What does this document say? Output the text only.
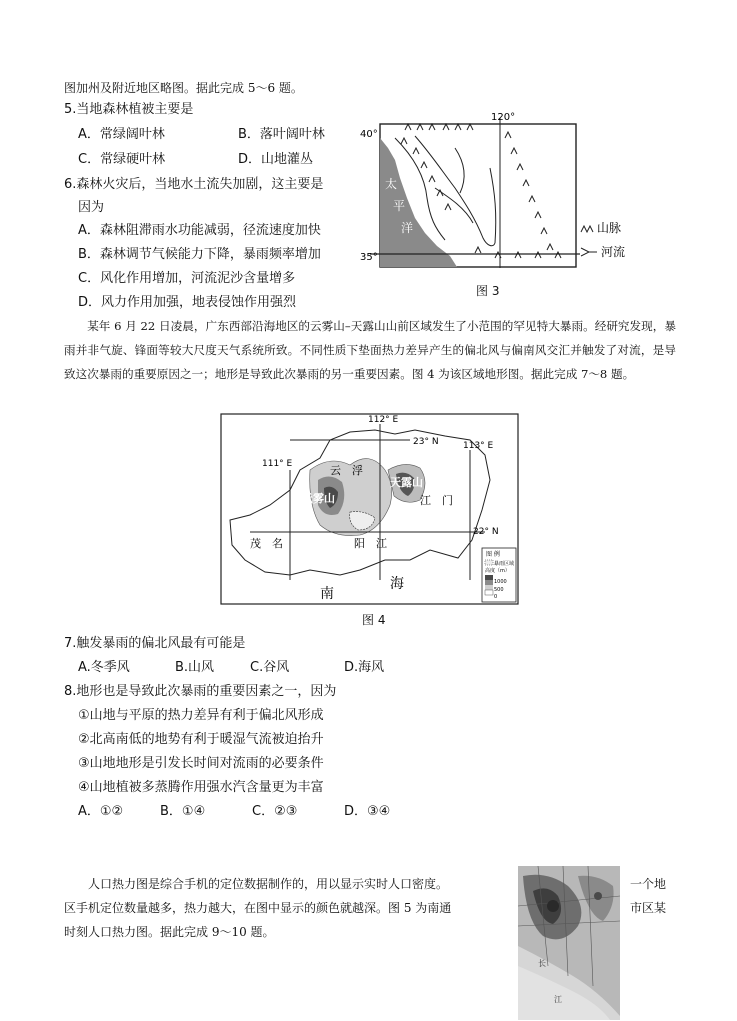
图加州及附近地区略图。据此完成 5～6 题。
5.当地森林植被主要是
A．常绿阔叶林	B．落叶阔叶林
C．常绿硬叶林	D．山地灌丛
6.森林火灾后，当地水土流失加剧，这主要是
因为
A．森林阻滞雨水功能减弱，径流速度加快
B．森林调节气候能力下降，暴雨频率增加
C．风化作用增加，河流泥沙含量增多
D．风力作用加强，地表侵蚀作用强烈
40°
35°
120°
太
平
洋	山脉
河流
图 3
某年 6 月 22 日凌晨，广东西部沿海地区的云雾山–天露山山前区域发生了小范围的罕见特大暴雨。经研究发现，暴雨并非气旋、锋面等较大尺度天气系统所致。不同性质下垫面热力差异产生的偏北风与偏南风交汇并触发了对流，是导致这次暴雨的重要原因之一；地形是导致此次暴雨的另一重要因素。图 4 为该区域地形图。据此完成 7～8 题。
112° E
111° E
113° E
23° N
22° N
云　浮
江　门
茂　名	阳　江
云雾山
天露山
海
南
图 例
暴雨区域
高度（m）
1000
500
0
图 4
7.触发暴雨的偏北风最有可能是
A.冬季风	B.山风	C.谷风	D.海风
8.地形也是导致此次暴雨的重要因素之一，因为
①山地与平原的热力差异有利于偏北风形成
②北高南低的地势有利于暖湿气流被迫抬升
③山地地形是引发长时间对流雨的必要条件
④山地植被多蒸腾作用强水汽含量更为丰富
A．①②	B．①④	C．②③	D．③④
人口热力图是综合手机的定位数据制作的，用以显示实时人口密度。	一个地
区手机定位数量越多，热力越大，在图中显示的颜色就越深。图 5 为南通	市区某
时刻人口热力图。据此完成 9～10 题。
长
江
